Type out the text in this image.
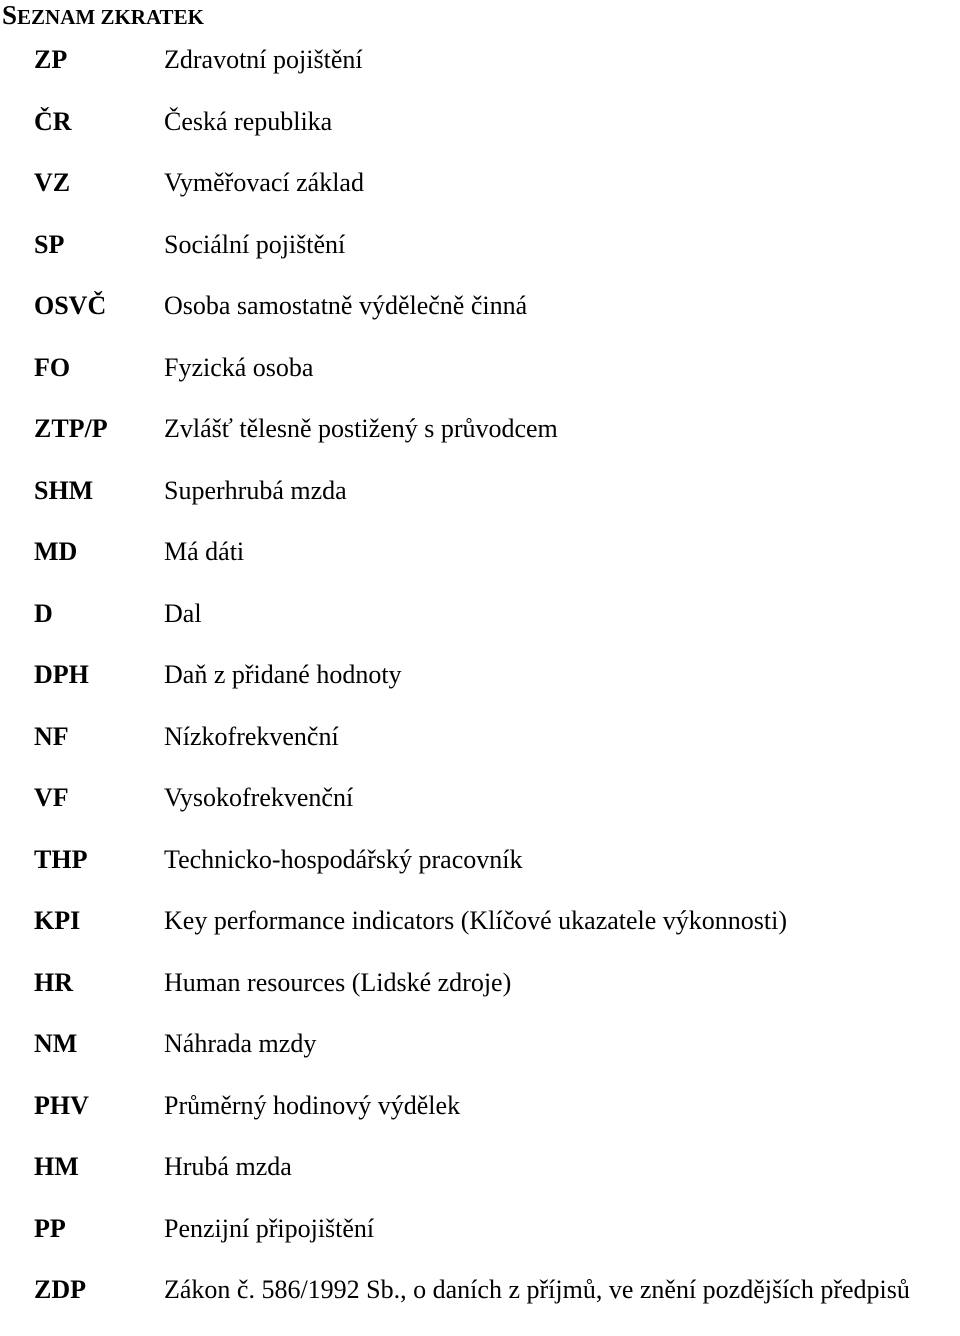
SEZNAM ZKRATEK
ZP	Zdravotní pojištění
ČR	Česká republika
VZ	Vyměřovací základ
SP	Sociální pojištění
OSVČ Osoba samostatně výdělečně činná
FO	Fyzická osoba
ZTP/P Zvlášť tělesně postižený s průvodcem
SHM	Superhrubá mzda
MD	Má dáti
D	Dal
DPH	Daň z přidané hodnoty
NF	Nízkofrekvenční
VF	Vysokofrekvenční
THP	Technicko-hospodářský pracovník
KPI	Key performance indicators (Klíčové ukazatele výkonnosti)
HR	Human resources (Lidské zdroje)
NM	Náhrada mzdy
PHV	Průměrný hodinový výdělek
HM	Hrubá mzda
PP	Penzijní připojištění
ZDP	Zákon č. 586/1992 Sb., o daních z příjmů, ve znění pozdějších předpisů
